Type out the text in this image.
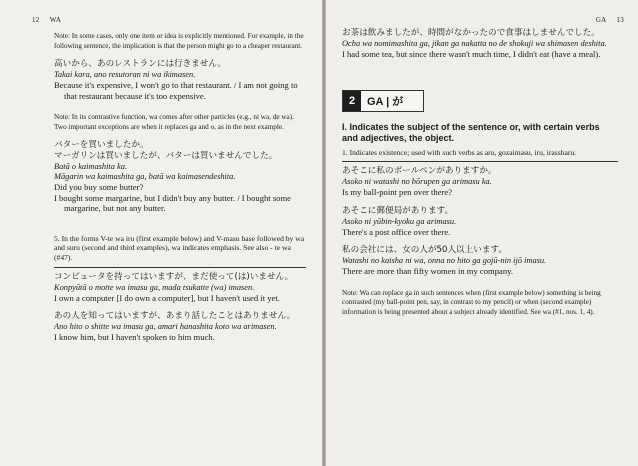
12 WA
Note: In some cases, only one item or idea is explicitly mentioned. For example, in the following sentence, the implication is that the person might go to a cheaper restaurant.
高いから、あのレストランには行きません。
Takai kara, ano resutoran ni wa ikimasen.
Because it's expensive, I won't go to that restaurant. / I am not going to that restaurant because it's too expensive.
Note: In its contrastive function, wa comes after other particles (e.g., ni wa, de wa). Two important exceptions are when it replaces ga and o, as in the next example.
バターを買いましたか。
マーガリンは買いましたが、バターは買いませんでした。
Batā o kaimashita ka.
Māgarin wa kaimashita ga, batā wa kaimasendeshita.
Did you buy some butter?
I bought some margarine, but I didn't buy any butter. / I bought some margarine, but not any butter.
5. In the forms V-te wa iru (first example below) and V-masu base followed by wa and suru (second and third examples), wa indicates emphasis. See also - te wa (#47).
コンピュータを持ってはいますが、まだ使って(は)いません。
Konpyūtā o motte wa imasu ga, mada tsukatte (wa) imasen.
I own a computer [I do own a computer], but I haven't used it yet.
あの人を知ってはいますが、あまり話したことはありません。
Ano hito o shitte wa imasu ga, amari hanashita koto wa arimasen.
I know him, but I haven't spoken to him much.
GA 13
お茶は飲みましたが、時間がなかったので食事はしませんでした。
Ocha wa nomimashita ga, jikan ga nakatta no de shokuji wa shimasen deshita.
I had some tea, but since there wasn't much time, I didn't eat (have a meal).
2	GA | が
I. Indicates the subject of the sentence or, with certain verbs and adjectives, the object.
1. Indicates existence; used with such verbs as aru, gozaimasu, iru, irassharu.
あそこに私のボールペンがありますか。
Asoko ni watashi no bōrupen ga arimasu ka.
Is my ball-point pen over there?
あそこに郵便局があります。
Asoko ni yūbin-kyoku ga arimasu.
There's a post office over there.
私の会社には、女の人が50人以上います。
Watashi no kaisha ni wa, onna no hito ga gojū-nin ijō imasu.
There are more than fifty women in my company.
Note: Wa can replace ga in such sentences when (first example below) something is being contrasted (my ball-point pen, say, in contrast to my pencil) or when (second example) information is being presented about a subject already identified. See wa (#1, nos. 1, 4).
